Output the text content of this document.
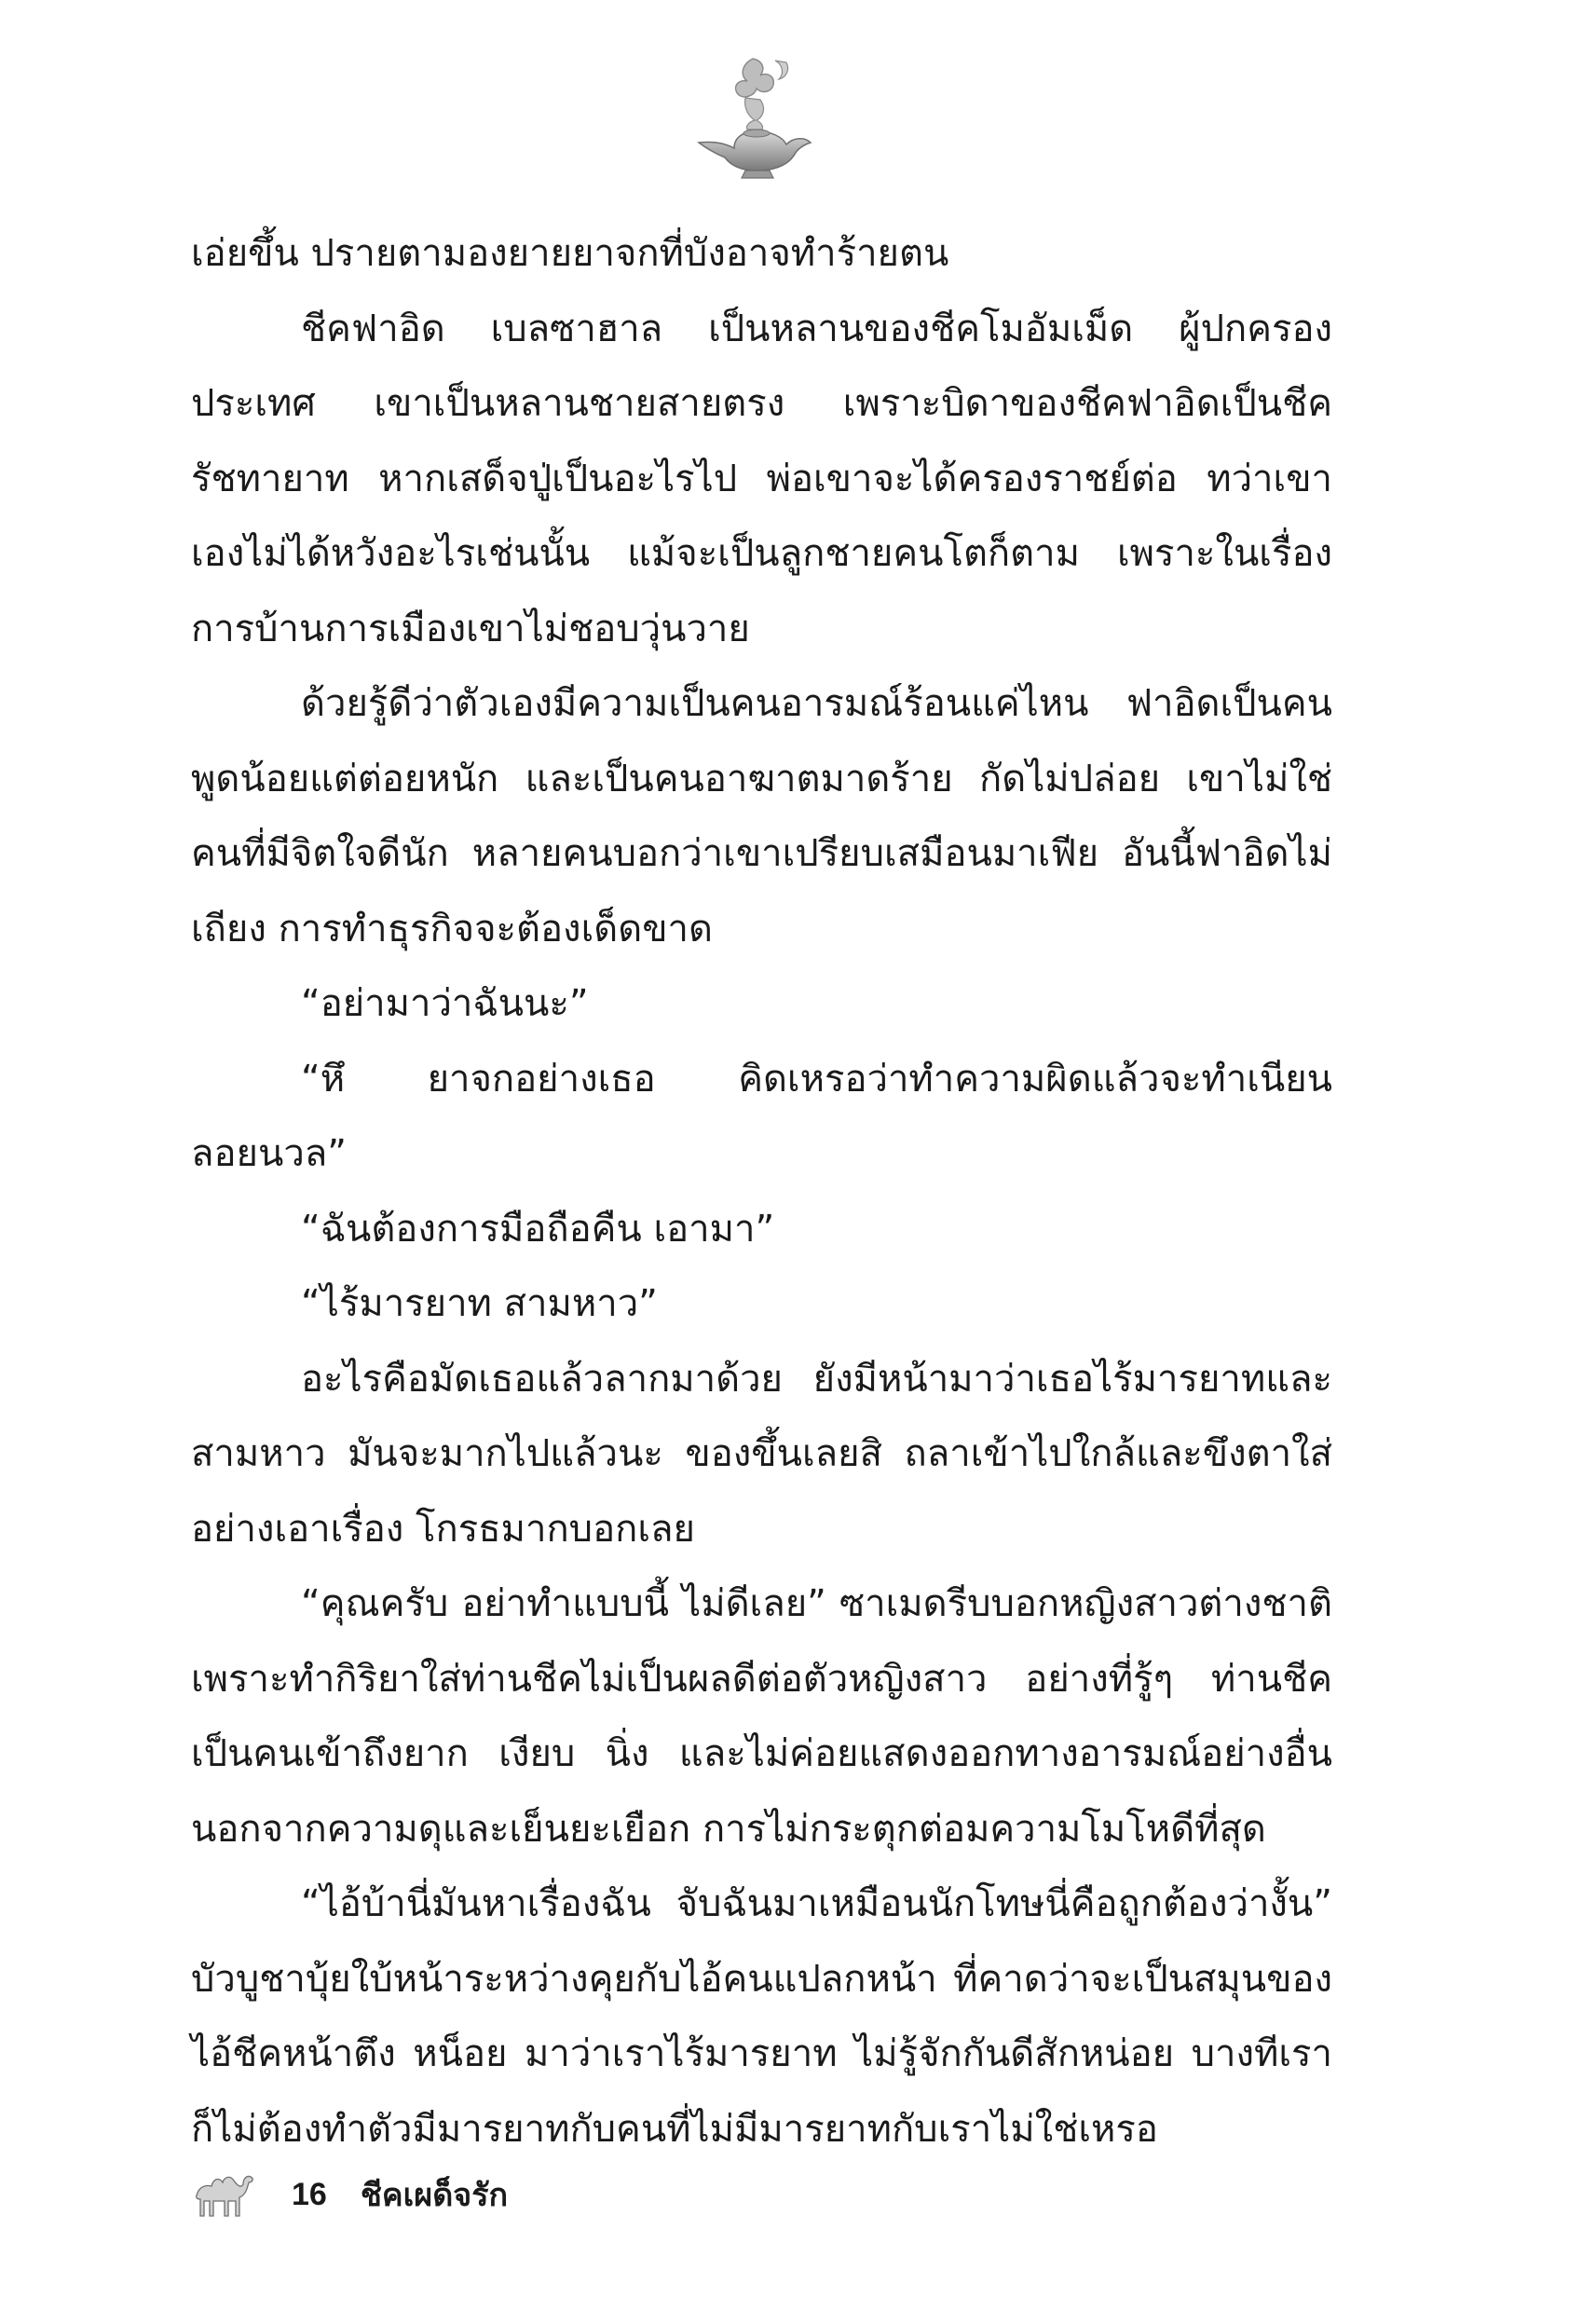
เอ่ยขึ้น ปรายตามองยายยาจกที่บังอาจทำร้ายตน

ชีคฟาอิด เบลซาฮาล เป็นหลานของชีคโมอัมเม็ด ผู้ปกครองประเทศ เขาเป็นหลานชายสายตรง เพราะบิดาของชีคฟาอิดเป็นชีครัชทายาท หากเสด็จปู่เป็นอะไรไป พ่อเขาจะได้ครองราชย์ต่อ ทว่าเขาเองไม่ได้หวังอะไรเช่นนั้น แม้จะเป็นลูกชายคนโตก็ตาม เพราะในเรื่องการบ้านการเมืองเขาไม่ชอบวุ่นวาย

ด้วยรู้ดีว่าตัวเองมีความเป็นคนอารมณ์ร้อนแค่ไหน ฟาอิดเป็นคนพูดน้อยแต่ต่อยหนัก และเป็นคนอาฆาตมาดร้าย กัดไม่ปล่อย เขาไม่ใช่คนที่มีจิตใจดีนัก หลายคนบอกว่าเขาเปรียบเสมือนมาเฟีย อันนี้ฟาอิดไม่เถียง การทำธุรกิจจะต้องเด็ดขาด

“อย่ามาว่าฉันนะ”

“หึ ยาจกอย่างเธอ คิดเหรอว่าทำความผิดแล้วจะทำเนียนลอยนวล”

“ฉันต้องการมือถือคืน เอามา”

“ไร้มารยาท สามหาว”

อะไรคือมัดเธอแล้วลากมาด้วย ยังมีหน้ามาว่าเธอไร้มารยาทและสามหาว มันจะมากไปแล้วนะ ของขึ้นเลยสิ ถลาเข้าไปใกล้และขึงตาใส่อย่างเอาเรื่อง โกรธมากบอกเลย

“คุณครับ อย่าทำแบบนี้ ไม่ดีเลย” ซาเมดรีบบอกหญิงสาวต่างชาติ เพราะทำกิริยาใส่ท่านชีคไม่เป็นผลดีต่อตัวหญิงสาว อย่างที่รู้ๆ ท่านชีคเป็นคนเข้าถึงยาก เงียบ นิ่ง และไม่ค่อยแสดงออกทางอารมณ์อย่างอื่นนอกจากความดุและเย็นยะเยือก การไม่กระตุกต่อมความโมโหดีที่สุด

“ไอ้บ้านี่มันหาเรื่องฉัน จับฉันมาเหมือนนักโทษนี่คือถูกต้องว่างั้น” บัวบูชาบุ้ยใบ้หน้าระหว่างคุยกับไอ้คนแปลกหน้า ที่คาดว่าจะเป็นสมุนของไอ้ชีคหน้าตึง หน็อย มาว่าเราไร้มารยาท ไม่รู้จักกันดีสักหน่อย บางทีเราก็ไม่ต้องทำตัวมีมารยาทกับคนที่ไม่มีมารยาทกับเราไม่ใช่เหรอ

16 ชีคเผด็จรัก
